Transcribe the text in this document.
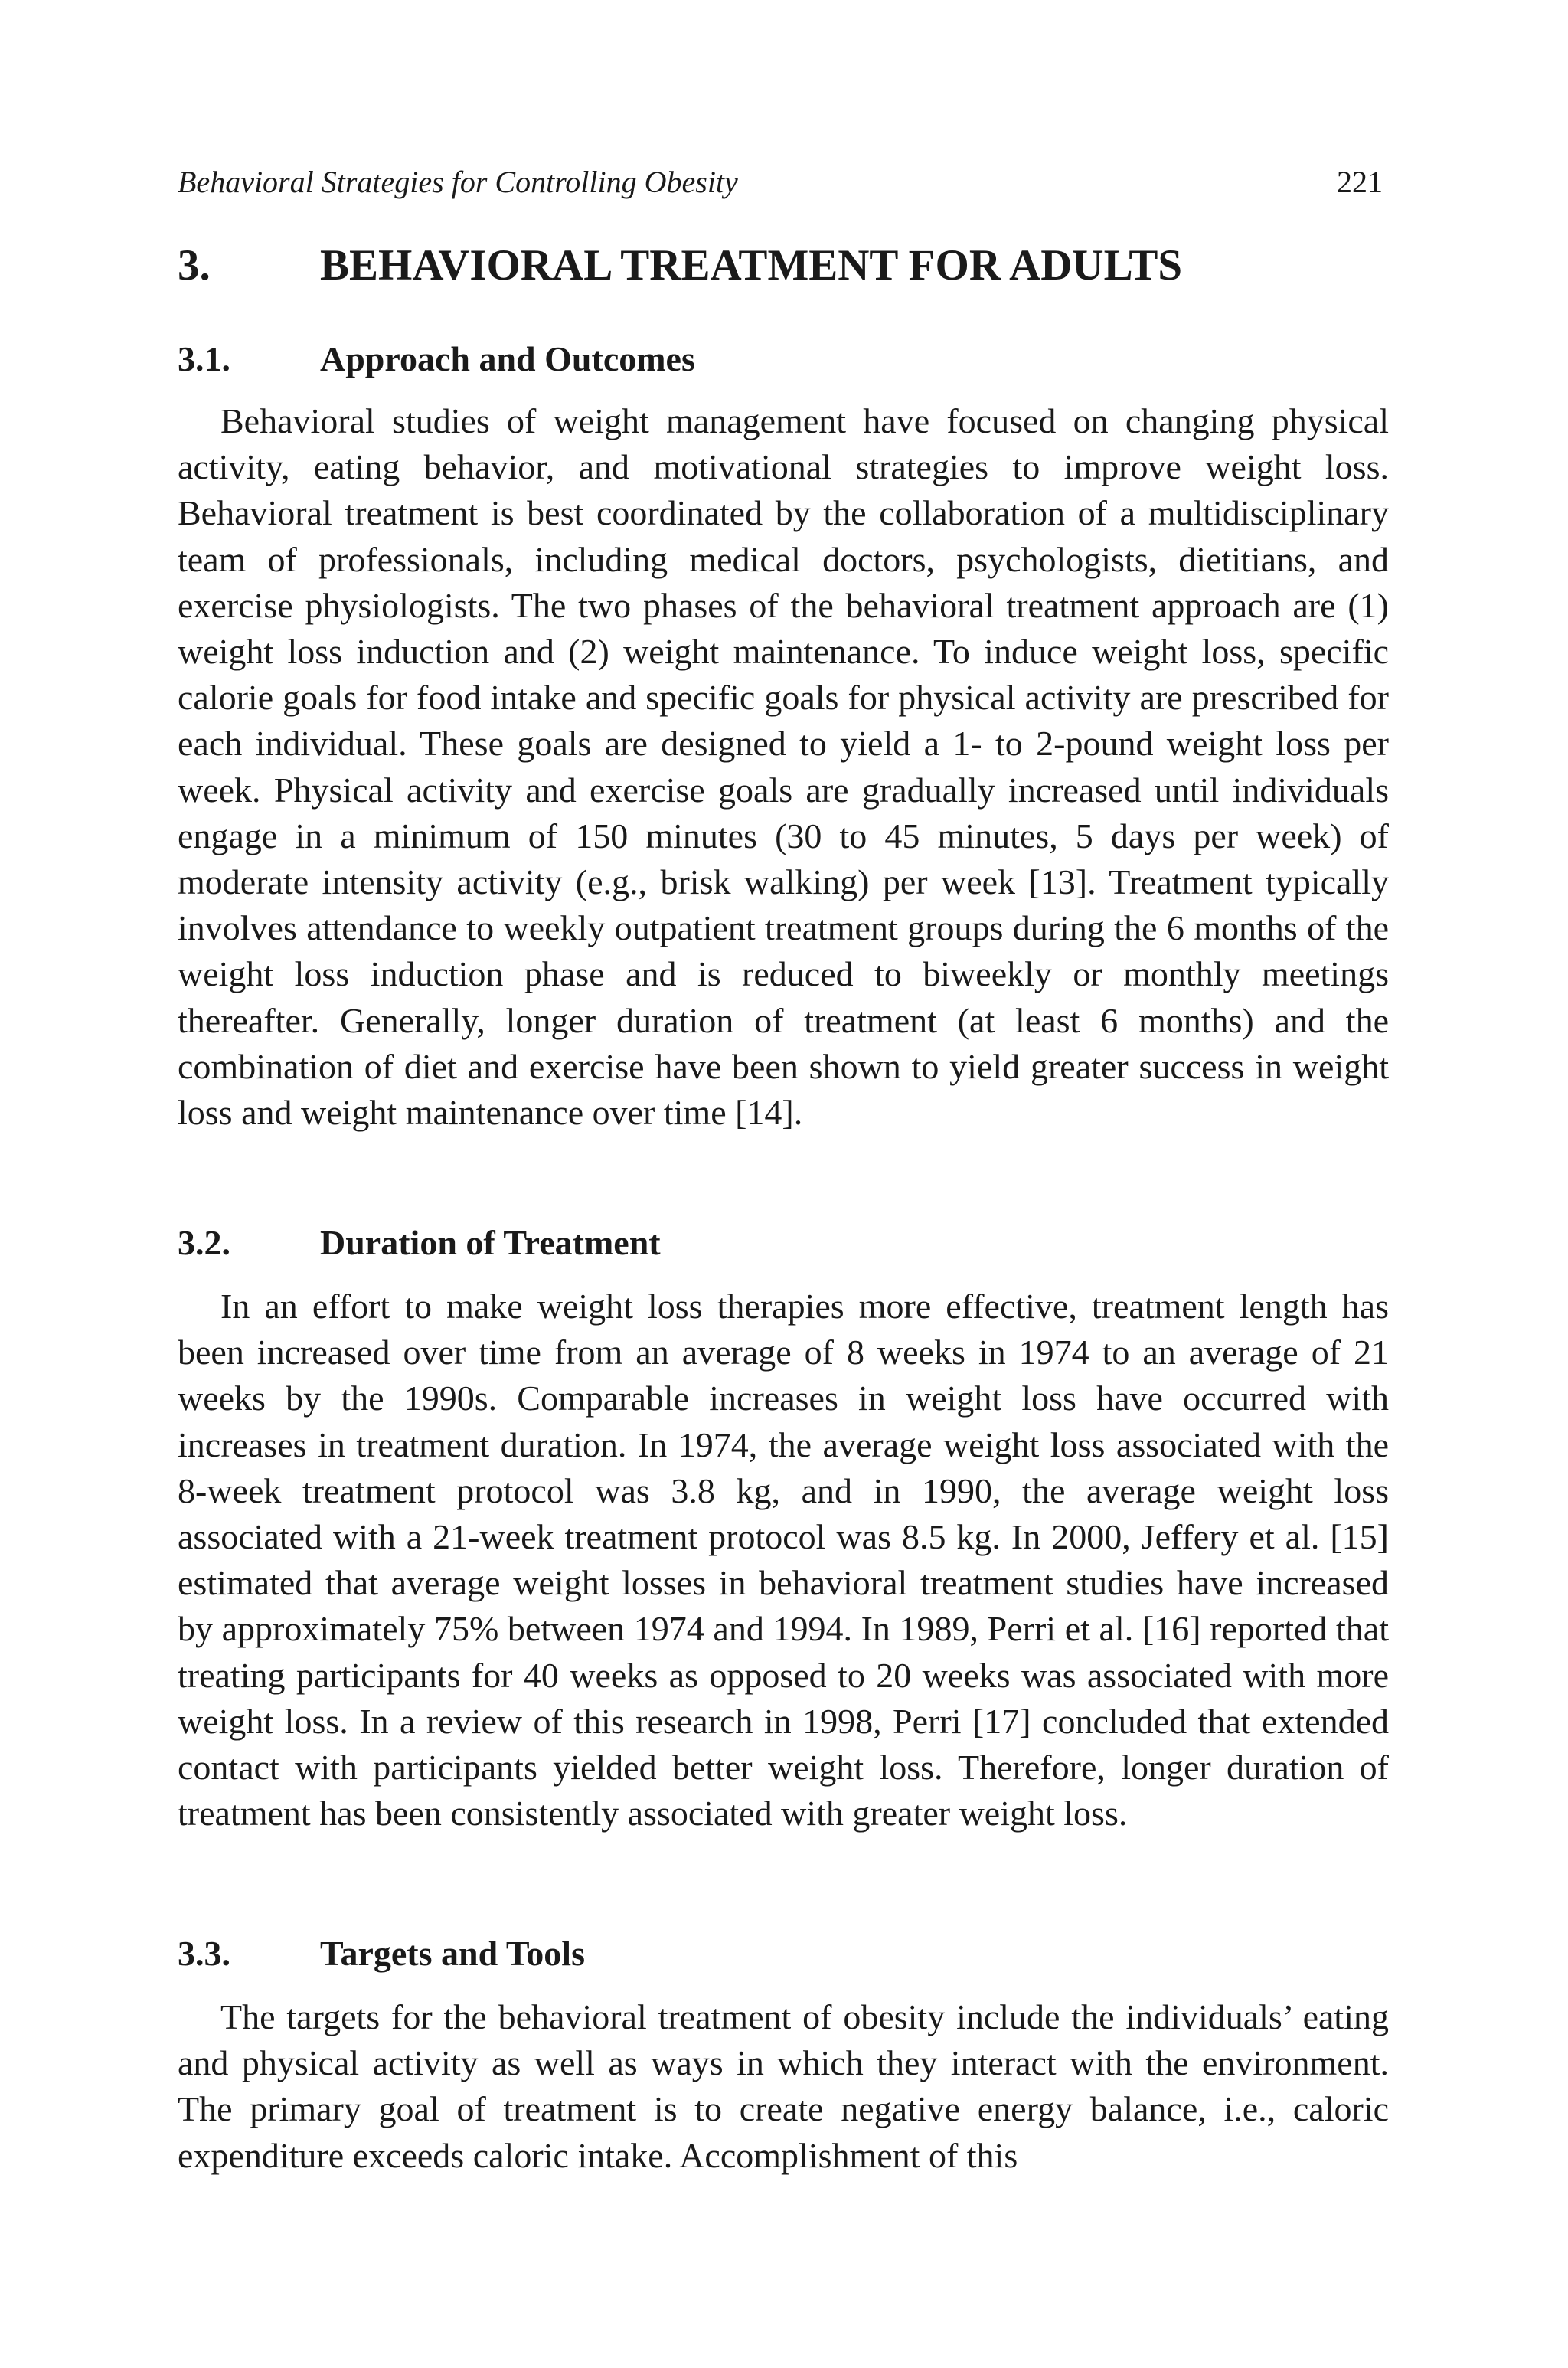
Behavioral Strategies for Controlling Obesity	221
3.	BEHAVIORAL TREATMENT FOR ADULTS
3.1.	Approach and Outcomes

Behavioral studies of weight management have focused on changing physical activity, eating behavior, and motivational strategies to improve weight loss. Behavioral treatment is best coordinated by the collaboration of a multidisciplinary team of professionals, including medical doctors, psychologists, dietitians, and exercise physiologists. The two phases of the behavioral treatment approach are (1) weight loss induction and (2) weight maintenance. To induce weight loss, specific calorie goals for food intake and specific goals for physical activity are prescribed for each individual. These goals are designed to yield a 1- to 2-pound weight loss per week. Physical activity and exercise goals are gradually increased until individuals engage in a minimum of 150 minutes (30 to 45 minutes, 5 days per week) of moderate intensity activity (e.g., brisk walking) per week [13]. Treatment typically involves attendance to weekly outpatient treatment groups during the 6 months of the weight loss induction phase and is reduced to biweekly or monthly meetings thereafter. Generally, longer duration of treatment (at least 6 months) and the combination of diet and exercise have been shown to yield greater success in weight loss and weight maintenance over time [14].

3.2.	Duration of Treatment

In an effort to make weight loss therapies more effective, treatment length has been increased over time from an average of 8 weeks in 1974 to an average of 21 weeks by the 1990s. Comparable increases in weight loss have occurred with increases in treatment duration. In 1974, the average weight loss associated with the 8-week treatment protocol was 3.8 kg, and in 1990, the average weight loss associated with a 21-week treatment protocol was 8.5 kg. In 2000, Jeffery et al. [15] estimated that average weight losses in behavioral treatment studies have increased by approximately 75% between 1974 and 1994. In 1989, Perri et al. [16] reported that treating participants for 40 weeks as opposed to 20 weeks was associated with more weight loss. In a review of this research in 1998, Perri [17] concluded that extended contact with participants yielded better weight loss. Therefore, longer duration of treatment has been consistently associated with greater weight loss.

3.3.	Targets and Tools

The targets for the behavioral treatment of obesity include the individuals’ eating and physical activity as well as ways in which they interact with the environment. The primary goal of treatment is to create negative energy balance, i.e., caloric expenditure exceeds caloric intake. Accomplishment of this
